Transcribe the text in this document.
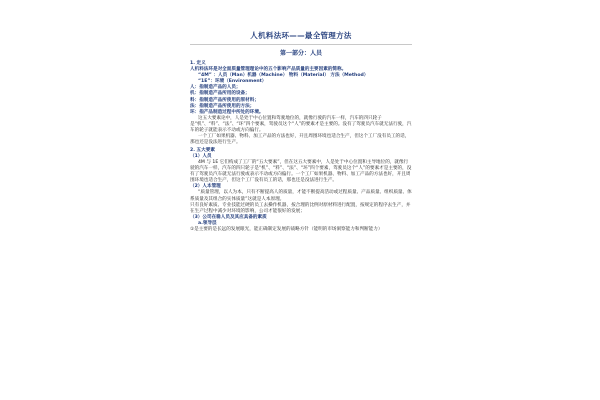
人机料法环——最全管理方法
第一部分：人员

1. 定义

人机料法环是对全面质量管理理论中的五个影响产品质量的主要因素的简称。

“4M” ：人员（Man）机器（Machine） 物料（Material） 方法（Method）

“1E”：环境（Environment）

人：指制造产品的人员；

机：指制造产品所用的设备；

料：指制造产品所使用的原材料；

法：指制造产品所使用的方法；

环：指产品制造过程中所处的环境。

这五大要素论中，人是处于中心位置和驾驶地位的，就像行驶的汽车一样，汽车的四只轮子是“机”、“料”、“法”、“环”四个要素，驾驶员这个“人”的要素才是主要的。没有了驾驶员汽车就无法行驶，汽车的轮子就能表示不动或方向偏行。

一个工厂如果机器、物料、加工产品的方法也好，开且周围环境也适合生产，但这个工厂没有员工的话，那也还是没法进行生产。

2. 五大要素

（1）人员

4M 与 1E 它们构成了工厂的“五大要素”，但在这五大要素中，人是处于中心位置和主导地位的，就像行驶的汽车一样，汽车的四只轮子是“机”、“料”、“法”、“环”四个要素，驾驶员这个“人”的要素才是主要的，没有了驾驶员汽车就无法行驶或表示不动或方向偏行。一个工厂如果机器、物料、加工产品的方法也好，开且周围环境也适合生产，但这个工厂没有员工的话，那也还是没法进行生产。

（2）人本管理

“质量管理，以人为本，只有不断提高人的质量，才能不断提高活动或过程质量、产品质量、组织质量、体系质量及其组合的实体质量”这就是人本原理。

只有良好素质、专业技能过硬的员工去操作机器，按合理的比例对原材料进行配置，按规定的程序去生产，并在生产过程中减少对环境的影响，公司才能很好的发展；

（3）公司在稳人员及其应具备的素质

a.领导层

①是主要的是长远的发展眼光，能正确制定发展的战略方针（能明的市场洞察能力和判断能力）
